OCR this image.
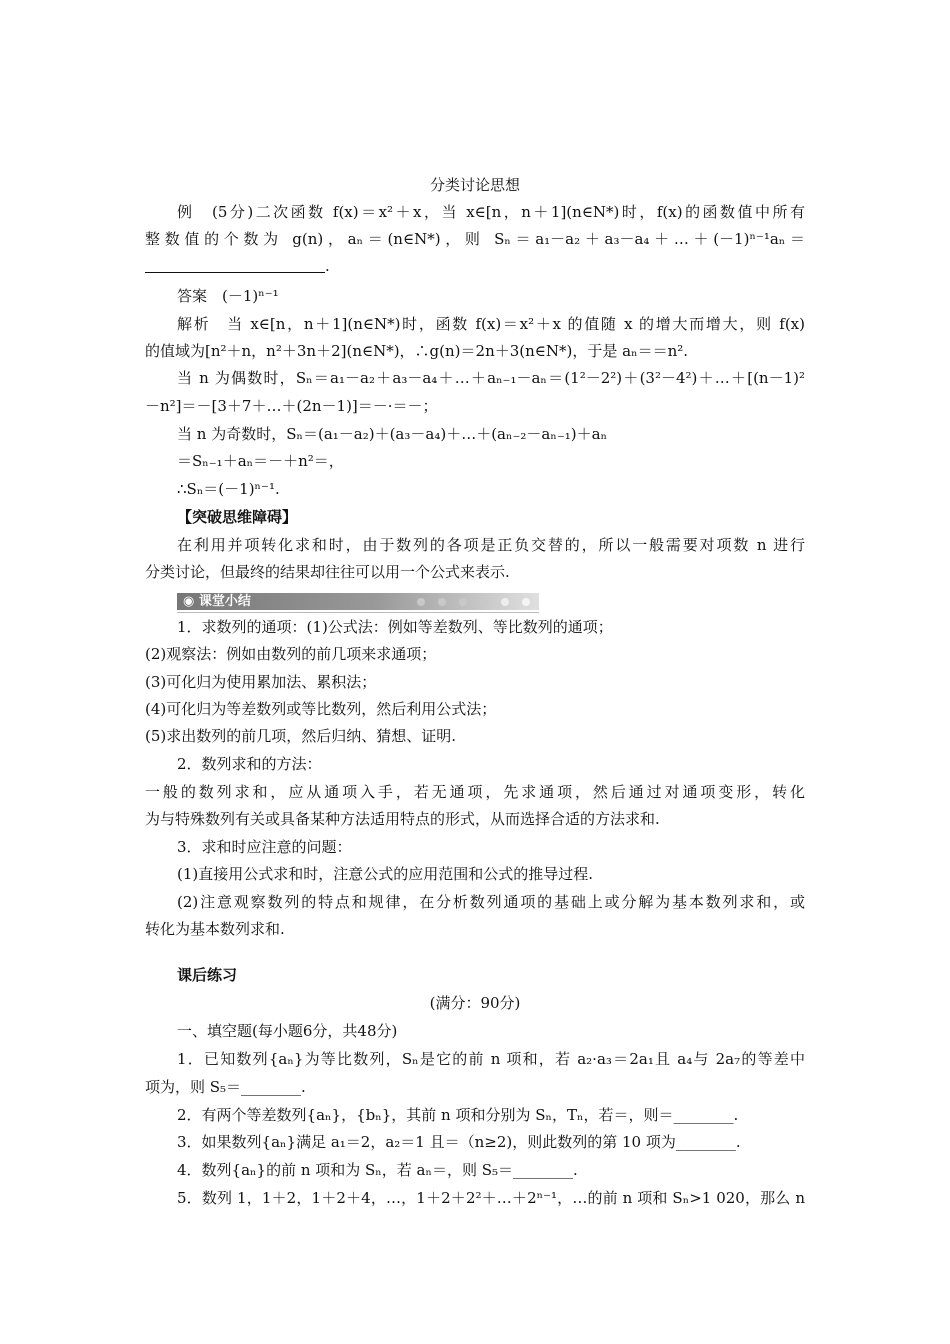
分类讨论思想
例　(5分)二次函数 f(x)＝x²＋x，当 x∈[n，n＋1](n∈N*)时，f(x)的函数值中所有
整数值的个数为 g(n)，aₙ＝(n∈N*)，则 Sₙ＝a₁－a₂＋a₃－a₄＋…＋(－1)ⁿ⁻¹aₙ＝
.
答案　(－1)ⁿ⁻¹
解析　当 x∈[n，n＋1](n∈N*)时，函数 f(x)＝x²＋x 的值随 x 的增大而增大，则 f(x)
的值域为[n²＋n，n²＋3n＋2](n∈N*)，∴g(n)＝2n＋3(n∈N*)，于是 aₙ＝＝n².
当 n 为偶数时，Sₙ＝a₁－a₂＋a₃－a₄＋…＋aₙ₋₁－aₙ＝(1²－2²)＋(3²－4²)＋…＋[(n－1)²
－n²]＝－[3＋7＋…＋(2n－1)]＝－·＝－；
当 n 为奇数时，Sₙ＝(a₁－a₂)＋(a₃－a₄)＋…＋(aₙ₋₂－aₙ₋₁)＋aₙ
＝Sₙ₋₁＋aₙ＝－＋n²＝，
∴Sₙ＝(－1)ⁿ⁻¹.
【突破思维障碍】
在利用并项转化求和时，由于数列的各项是正负交替的，所以一般需要对项数 n 进行
分类讨论，但最终的结果却往往可以用一个公式来表示.
◉ 课堂小结
1．求数列的通项：(1)公式法：例如等差数列、等比数列的通项；
(2)观察法：例如由数列的前几项来求通项；
(3)可化归为使用累加法、累积法；
(4)可化归为等差数列或等比数列，然后利用公式法；
(5)求出数列的前几项，然后归纳、猜想、证明.
2．数列求和的方法：
一般的数列求和，应从通项入手，若无通项，先求通项，然后通过对通项变形，转化
为与特殊数列有关或具备某种方法适用特点的形式，从而选择合适的方法求和.
3．求和时应注意的问题：
(1)直接用公式求和时，注意公式的应用范围和公式的推导过程.
(2)注意观察数列的特点和规律，在分析数列通项的基础上或分解为基本数列求和，或
转化为基本数列求和.
课后练习
(满分：90分)
一、填空题(每小题6分，共48分)
1．已知数列{aₙ}为等比数列，Sₙ是它的前 n 项和，若 a₂·a₃＝2a₁且 a₄与 2a₇的等差中
项为，则 S₅＝________.
2．有两个等差数列{aₙ}，{bₙ}，其前 n 项和分别为 Sₙ，Tₙ，若＝，则＝________.
3．如果数列{aₙ}满足 a₁＝2，a₂＝1 且＝（n≥2)，则此数列的第 10 项为________.
4．数列{aₙ}的前 n 项和为 Sₙ，若 aₙ＝，则 S₅＝________.
5．数列 1，1＋2，1＋2＋4，…，1＋2＋2²＋…＋2ⁿ⁻¹，…的前 n 项和 Sₙ>1 020，那么 n
